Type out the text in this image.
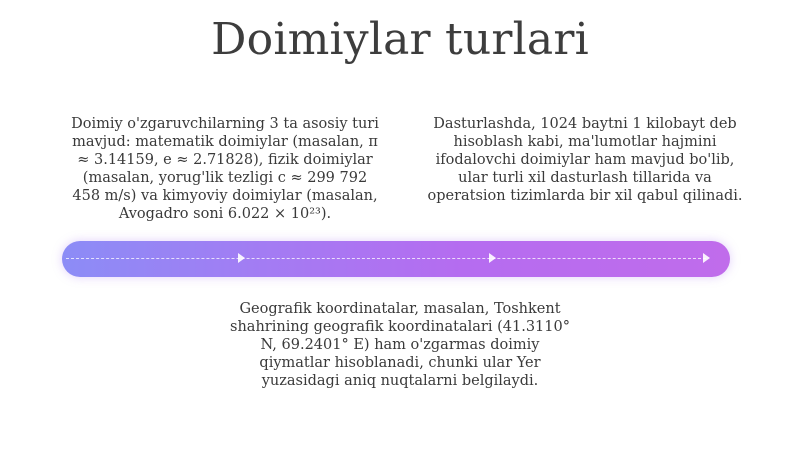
Doimiylar turlari
Doimiy o'zgaruvchilarning 3 ta asosiy turi mavjud: matematik doimiylar (masalan, π ≈ 3.14159, e ≈ 2.71828), fizik doimiylar (masalan, yorug'lik tezligi c ≈ 299 792 458 m/s) va kimyoviy doimiylar (masalan, Avogadro soni 6.022 × 10²³).
Dasturlashda, 1024 baytni 1 kilobayt deb hisoblash kabi, ma'lumotlar hajmini ifodalovchi doimiylar ham mavjud bo'lib, ular turli xil dasturlash tillarida va operatsion tizimlarda bir xil qabul qilinadi.
Geografik koordinatalar, masalan, Toshkent shahrining geografik koordinatalari (41.3110° N, 69.2401° E) ham o'zgarmas doimiy qiymatlar hisoblanadi, chunki ular Yer yuzasidagi aniq nuqtalarni belgilaydi.
